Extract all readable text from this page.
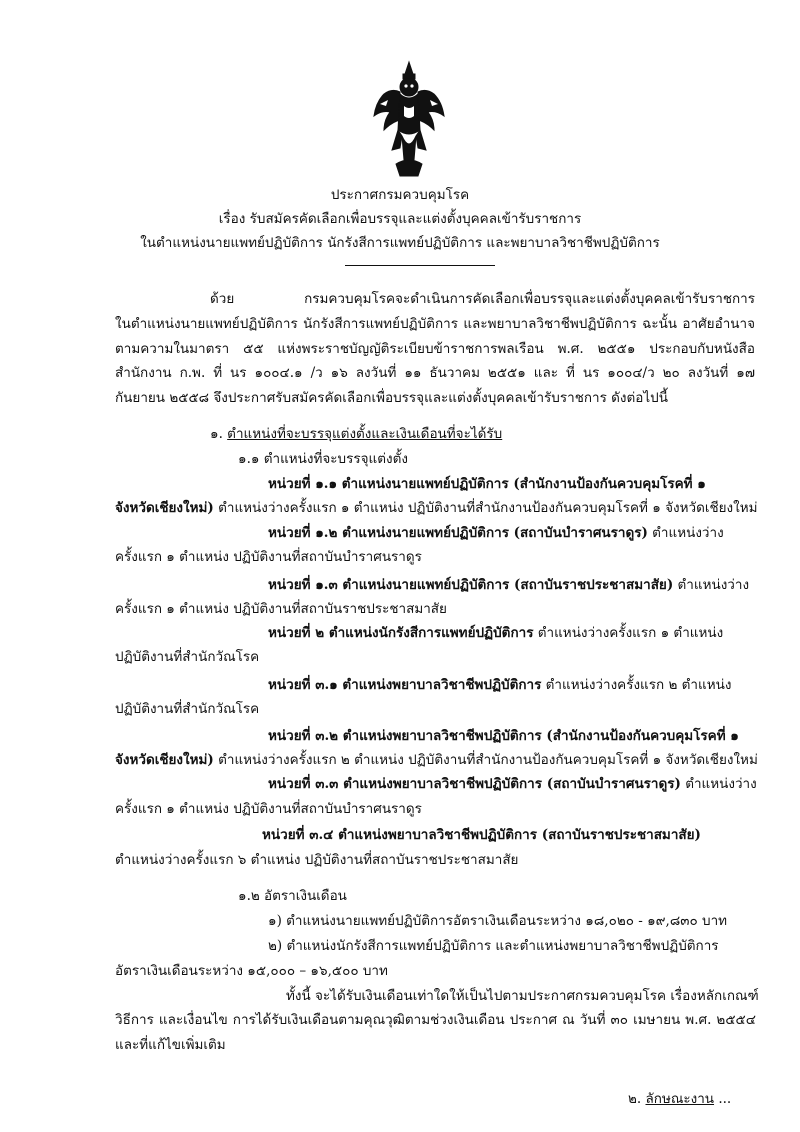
ประกาศกรมควบคุมโรค
เรื่อง รับสมัครคัดเลือกเพื่อบรรจุและแต่งตั้งบุคคลเข้ารับราชการ
ในตำแหน่งนายแพทย์ปฏิบัติการ นักรังสีการแพทย์ปฏิบัติการ และพยาบาลวิชาชีพปฏิบัติการ
ด้วย กรมควบคุมโรคจะดำเนินการคัดเลือกเพื่อบรรจุและแต่งตั้งบุคคลเข้ารับราชการ
ในตำแหน่งนายแพทย์ปฏิบัติการ นักรังสีการแพทย์ปฏิบัติการ และพยาบาลวิชาชีพปฏิบัติการ ฉะนั้น อาศัยอำนาจ
ตามความในมาตรา ๕๕ แห่งพระราชบัญญัติระเบียบข้าราชการพลเรือน พ.ศ. ๒๕๕๑ ประกอบกับหนังสือ
สำนักงาน ก.พ. ที่ นร ๑๐๐๔.๑ /ว ๑๖ ลงวันที่ ๑๑ ธันวาคม ๒๕๕๑ และ ที่ นร ๑๐๐๔/ว ๒๐ ลงวันที่ ๑๗
กันยายน ๒๕๕๘ จึงประกาศรับสมัครคัดเลือกเพื่อบรรจุและแต่งตั้งบุคคลเข้ารับราชการ ดังต่อไปนี้
๑. ตำแหน่งที่จะบรรจุแต่งตั้งและเงินเดือนที่จะได้รับ
๑.๑ ตำแหน่งที่จะบรรจุแต่งตั้ง
หน่วยที่ ๑.๑ ตำแหน่งนายแพทย์ปฏิบัติการ (สำนักงานป้องกันควบคุมโรคที่ ๑
จังหวัดเชียงใหม่) ตำแหน่งว่างครั้งแรก ๑ ตำแหน่ง ปฏิบัติงานที่สำนักงานป้องกันควบคุมโรคที่ ๑ จังหวัดเชียงใหม่
หน่วยที่ ๑.๒ ตำแหน่งนายแพทย์ปฏิบัติการ (สถาบันบำราศนราดูร) ตำแหน่งว่าง
ครั้งแรก ๑ ตำแหน่ง ปฏิบัติงานที่สถาบันบำราศนราดูร
หน่วยที่ ๑.๓ ตำแหน่งนายแพทย์ปฏิบัติการ (สถาบันราชประชาสมาสัย) ตำแหน่งว่าง
ครั้งแรก ๑ ตำแหน่ง ปฏิบัติงานที่สถาบันราชประชาสมาสัย
หน่วยที่ ๒ ตำแหน่งนักรังสีการแพทย์ปฏิบัติการ ตำแหน่งว่างครั้งแรก ๑ ตำแหน่ง
ปฏิบัติงานที่สำนักวัณโรค
หน่วยที่ ๓.๑ ตำแหน่งพยาบาลวิชาชีพปฏิบัติการ ตำแหน่งว่างครั้งแรก ๒ ตำแหน่ง
ปฏิบัติงานที่สำนักวัณโรค
หน่วยที่ ๓.๒ ตำแหน่งพยาบาลวิชาชีพปฏิบัติการ (สำนักงานป้องกันควบคุมโรคที่ ๑
จังหวัดเชียงใหม่) ตำแหน่งว่างครั้งแรก ๒ ตำแหน่ง ปฏิบัติงานที่สำนักงานป้องกันควบคุมโรคที่ ๑ จังหวัดเชียงใหม่
หน่วยที่ ๓.๓ ตำแหน่งพยาบาลวิชาชีพปฏิบัติการ (สถาบันบำราศนราดูร) ตำแหน่งว่าง
ครั้งแรก ๑ ตำแหน่ง ปฏิบัติงานที่สถาบันบำราศนราดูร
หน่วยที่ ๓.๔ ตำแหน่งพยาบาลวิชาชีพปฏิบัติการ (สถาบันราชประชาสมาสัย)
ตำแหน่งว่างครั้งแรก ๖ ตำแหน่ง ปฏิบัติงานที่สถาบันราชประชาสมาสัย
๑.๒ อัตราเงินเดือน
๑) ตำแหน่งนายแพทย์ปฏิบัติการอัตราเงินเดือนระหว่าง ๑๘,๐๒๐ - ๑๙,๘๓๐ บาท
๒) ตำแหน่งนักรังสีการแพทย์ปฏิบัติการ และตำแหน่งพยาบาลวิชาชีพปฏิบัติการ
อัตราเงินเดือนระหว่าง ๑๕,๐๐๐ – ๑๖,๕๐๐ บาท
ทั้งนี้ จะได้รับเงินเดือนเท่าใดให้เป็นไปตามประกาศกรมควบคุมโรค เรื่องหลักเกณฑ์
วิธีการ และเงื่อนไข การได้รับเงินเดือนตามคุณวุฒิตามช่วงเงินเดือน ประกาศ ณ วันที่ ๓๐ เมษายน พ.ศ. ๒๕๕๔
และที่แก้ไขเพิ่มเติม
๒. ลักษณะงาน ...
